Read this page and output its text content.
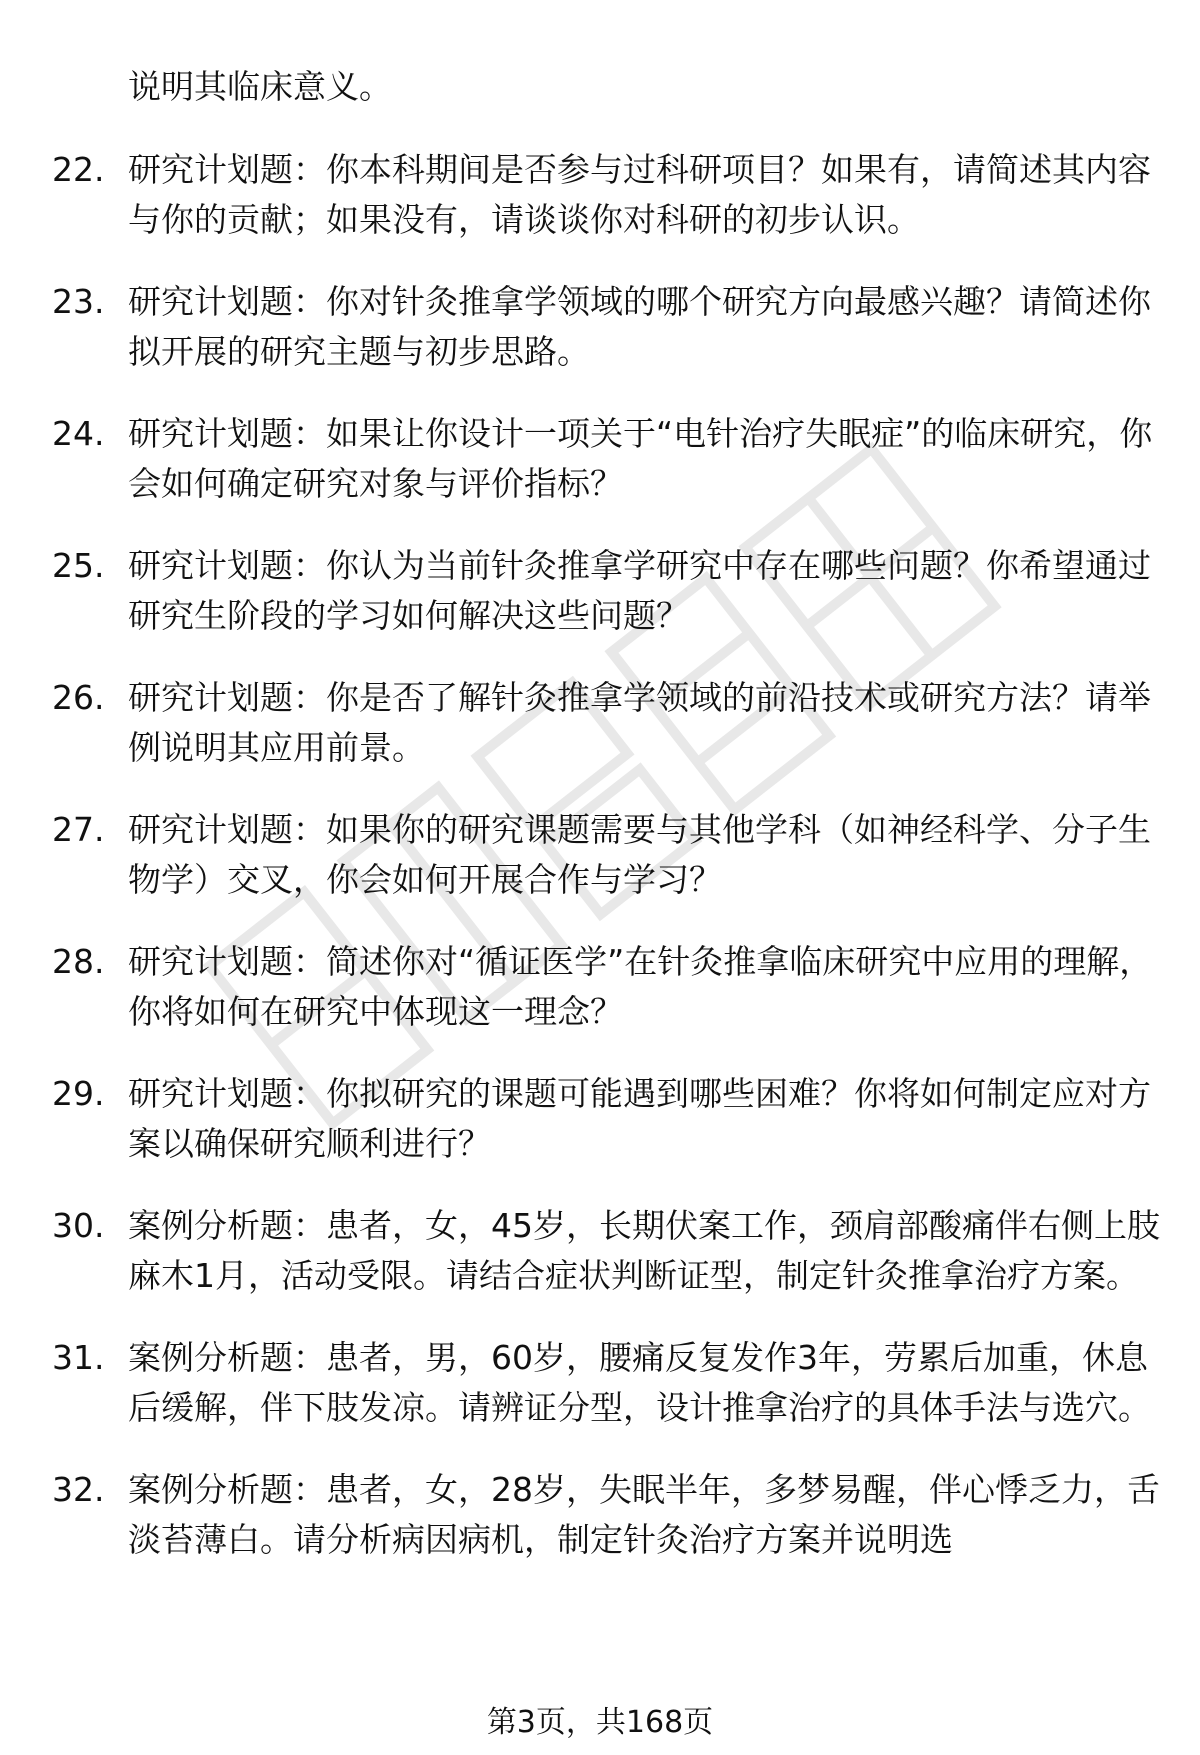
说明其临床意义。

22. 研究计划题：你本科期间是否参与过科研项目？如果有，请简述其内容与你的贡献；如果没有，请谈谈你对科研的初步认识。
23. 研究计划题：你对针灸推拿学领域的哪个研究方向最感兴趣？请简述你拟开展的研究主题与初步思路。
24. 研究计划题：如果让你设计一项关于“电针治疗失眠症”的临床研究，你会如何确定研究对象与评价指标？
25. 研究计划题：你认为当前针灸推拿学研究中存在哪些问题？你希望通过研究生阶段的学习如何解决这些问题？
26. 研究计划题：你是否了解针灸推拿学领域的前沿技术或研究方法？请举例说明其应用前景。
27. 研究计划题：如果你的研究课题需要与其他学科（如神经科学、分子生物学）交叉，你会如何开展合作与学习？
28. 研究计划题：简述你对“循证医学”在针灸推拿临床研究中应用的理解，你将如何在研究中体现这一理念？
29. 研究计划题：你拟研究的课题可能遇到哪些困难？你将如何制定应对方案以确保研究顺利进行？
30. 案例分析题：患者，女，45岁，长期伏案工作，颈肩部酸痛伴右侧上肢麻木1月，活动受限。请结合症状判断证型，制定针灸推拿治疗方案。
31. 案例分析题：患者，男，60岁，腰痛反复发作3年，劳累后加重，休息后缓解，伴下肢发凉。请辨证分型，设计推拿治疗的具体手法与选穴。
32. 案例分析题：患者，女，28岁，失眠半年，多梦易醒，伴心悸乏力，舌淡苔薄白。请分析病因病机，制定针灸治疗方案并说明选
第3页，共168页
